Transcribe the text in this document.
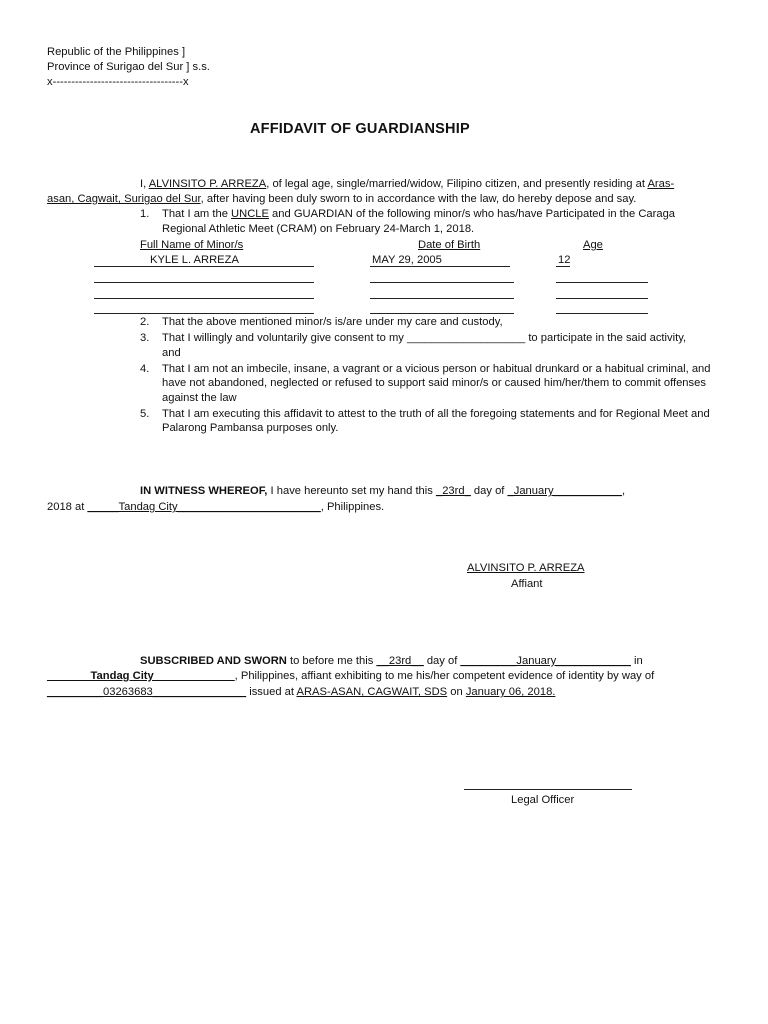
Republic of the Philippines ]
Province of Surigao del Sur ] s.s.
x-----------------------------------x
AFFIDAVIT OF GUARDIANSHIP
I, ALVINSITO P. ARREZA, of legal age, single/married/widow, Filipino citizen, and presently residing at Aras-
asan, Cagwait, Surigao del Sur, after having been duly sworn to in accordance with the law, do hereby depose and say.
1. That I am the UNCLE and GUARDIAN of the following minor/s who has/have Participated in the Caraga
Regional Athletic Meet (CRAM) on February 24-March 1, 2018.
Full Name of Minor/s	Date of Birth	Age
KYLE L. ARREZA	MAY 29, 2005	12
2. That the above mentioned minor/s is/are under my care and custody,
3. That I willingly and voluntarily give consent to my ___________________ to participate in the said activity,
and
4. That I am not an imbecile, insane, a vagrant or a vicious person or habitual drunkard or a habitual criminal, and have not abandoned, neglected or refused to support said minor/s or caused him/her/them to commit offenses against the law
5. That I am executing this affidavit to attest to the truth of all the foregoing statements and for Regional Meet and Palarong Pambansa purposes only.
IN WITNESS WHEREOF, I have hereunto set my hand this _23rd_ day of _January___________,
2018 at _____Tandag City_______________________, Philippines.
ALVINSITO P. ARREZA
Affiant
SUBSCRIBED AND SWORN to before me this __23rd__ day of _________January____________ in
_______Tandag City_____________, Philippines, affiant exhibiting to me his/her competent evidence of identity by way of
_________03263683_______________ issued at ARAS-ASAN, CAGWAIT, SDS on January 06, 2018.
Legal Officer
